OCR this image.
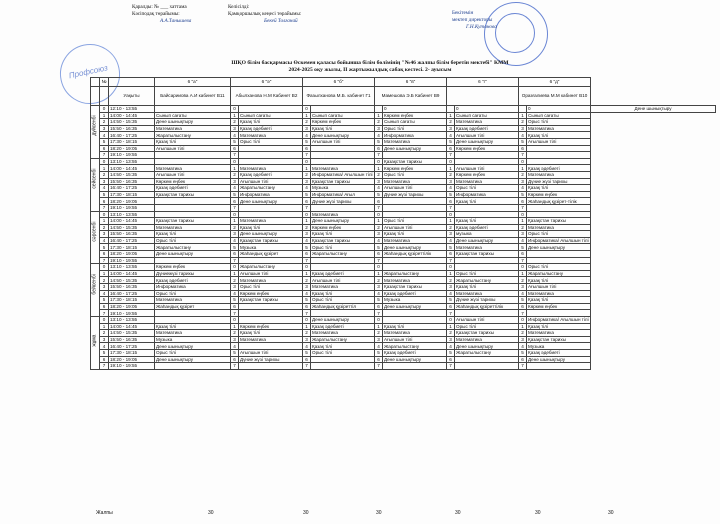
Қаралды: № ___ хаттама
Кәсіподақ төрайымы:
А.А.Танышева
Келісілді:
Қамқоршылық кеңесі төрайымы:
Бекей Толғанай
Бекітемін
мектеп директоры
Г.Н.Кутанова
Профсоюз
ШҚО білім басқармасы Өскемен қаласы бойынша білім бөлімінің "№46 жалпы білім беретін мектебі" КММ
2024-2025 оқу жылы, II жартыжылдық сабақ кестесі. 2- ауысым
	№		6 "а"	6 "ә"		6 "б"		6 "в"		6 "г"		6 "д"		
		Уақыты	Байсарииова А.И кабинет В11	Абылханова Н.М Кабинет В2		Фазылханова М.Б. кабинет Г1		Мамешова Э.Б Кабинет В9				Оразғалиева М.М кабинет В10		

дүйсенбі	0	12:10 - 13:55		0		0			0		0		0	Дене шынықтыру
	1	14:00 - 14:45	Сынып сағаты	1	Сынып сағаты	1	Сынып сағаты	1	Көркем еңбек	1	Сынып сағаты	1	Сынып сағаты	
	2	14:50 - 15:35	Дене шынықтыру	2	Қазақ тілі	2	Көркем еңбек	2	Сынып сағаты	2	Математика	2	Орыс тілі	
	3	15:50 - 16:35	Математика	3	Қазақ әдебиеті	3	Қазақ тілі	3	Орыс тілі	3	Қазақ әдебиеті	3	Математика	
	4	16:40 - 17:25	Жаратылыстану	4	Математика	4	Дене шынықтыру	4	Информатика	4	Ағылшын тілі	4	Қазақ тілі	
	5	17:30 - 18:15	Қазақ тілі	5	Орыс тілі	5	Ағылшын тілі	5	Математика	5	Дене шынықтыру	5	Ағылшын тілі	
	6	18:20 - 19:05	Ағылшын тілі	6		6		6	Дене шынықтыру	6	Көркем еңбек	6		
	7	19:10 - 19:55		7		7		7		7		7		

сейсенбі	0	13:10 - 13:55		0		0		0	Қазақстан тарихы	0		0		
	1	14:00 - 14:45	Математика	1	Математика	1	Математика	1	Көркем еңбек	1	Ағылшын тілі	1	Қазақ әдебиеті	
	2	14:50 - 15:35	Ағылшын тілі	2	Қазақ әдебиеті	2	Информатика/ Ағылшын тілі	2	Орыс тілі	2	Көркем еңбек	2	Математика	
	3	15:50 - 16:35	Көркем еңбек	3	Ағылшын тілі	3	Қазақстан тарихы	3	Математика	3	Математика	3	Дүние жүзі тарихы	
	4	16:40 - 17:25	Қазақ әдебиеті	4	Жаратылыстану	4	Музыка	4	Ағылшын тілі	4	Орыс тілі	4	Қазақ тілі	
	5	17:30 - 18:15	Қазақстан тарихы	5	Информатика	5	Информатика/ Ағыл	5	Дүние жүзі тарихы	5	Информатика	5	Көркем еңбек	
	6	18:20 - 19:05		6	Дене шынықтыру	6	Дүние жүзі тарихы	6		6	Қазақ тілі	6	Жаһандық құзірет-тілік	
	7	19:10 - 19:55		7		7		7		7		7		

сәрсенбі	0	13:10 - 13:55		0		0	Математика	0		0		0		
	1	14:00 - 14:45	Қазақстан тарихы	1	Математика	1	Дене шынықтыру	1	Орыс тілі	1	Қазақ тілі	1	Қазақстан тарихы	
	2	14:50 - 15:35	Математика	2	Қазақ тілі	2	Көркем еңбек	2	Ағылшын тілі	2	Қазақ әдебиеті	2	Математика	
	3	15:50 - 16:35	Қазақ тілі	3	Дене шынықтыру	3	Қазақ тілі	3	Қазақ тілі	3	музыка	3	Орыс тілі	
	4	16:40 - 17:25	Орыс тілі	4	Қазақстан тарихы	4	Қазақстан тарихы	4	Математика	4	Дене шынықтыру	4	Информатика/ Ағылшын тілі	
	5	17:30 - 18:15	Жаратылыстану	5	Музыка	5	Орыс тілі	5	Дене шынықтыру	5	Математика	5	Дене шынықтыру	
	6	18:20 - 19:05	Дене шынықтыру	6	Жаһандық құзірет	6	Жаратылыстану	6	Жаһандық құзіреттілік	6	Қазақстан тарихы	6		
	7	19:10 - 19:55		7		7		7		7		7		

бейсенбі	0	13:10 - 13:55	Көркем еңбек	0	Жаратылыстану	0		0		0		0	Орыс тілі	
	1	14:00 - 14:45	Дүниежүзі тарихы	1	Ағылшын тілі	1	Қазақ әдебиеті	1	Жаратылыстану	1	Орыс тілі	1	Жаратылыстану	
	2	14:50 - 15:35	Қазақ әдебиеті	2	Математика	2	Ағылшын тілі	2	Математика	2	Жаратылыстану	2	Қазақ тілі	
	3	15:50 - 16:35	Информатика	3	Орыс тілі	3	Математика	3	Қазақстан тарихы	3	Қазақ тілі	3	Ағылшын тілі	
	4	16:40 - 17:25	Орыс тілі	4	Көркем еңбек	4	Қазақ тілі	4	Қазақ әдебиеті	4	Математика	4	Математика	
	5	17:30 - 18:15	Математика	5	Қазақстан тарихы	5	Орыс тілі	5	Музыка	5	Дүние жүзі тарихы	5	Қазақ тілі	
	6	18:20 - 19:05	Жаһандық құзірет	6		6	Жаһандық құзіреттіл	6	Дене шынықтыру	6	Жаһандық құзіреттілік	6	Көркем еңбек	
	7	19:10 - 19:55		7		7		7		7		7		

жұма	0	13:10 - 13:55		0		0	Дене шынықтыру	0		0	Ағылшын тілі	0	Информатика/ Ағылшын тілі	
	1	14:00 - 14:45	Қазақ тілі	1	Көркем еңбек	1	Қазақ әдебиеті	1	Қазақ тілі	1	Орыс тілі	1	Қазақ тілі	
	2	14:50 - 15:35	Математика	2	Қазақ тілі	2	Математика	2	Математика	2	Қазақстан тарихы	2	Математика	
	3	15:50 - 16:35	Музыка	3	Математика	3	Жаратылыстану	3	Ағылшын тілі	3	Математика	3	Қазақстан тарихы	
	4	16:40 - 17:25	Дене шынықтыру	4		4	Қазақ тілі	4	Жаратылыстану	4	Дене шынықтыру	4	Музыка	
	5	17:30 - 18:15	Орыс тілі	5	Ағылшын тілі	5	Орыс тілі	5	Қазақ әдебиеті	5	Жаратылыстану	5	Қазақ әдебиеті	
	6	18:20 - 19:05	Дене шынықтыру	6	Дүние жүзі тарихы	6		6	Дене шынықтыру	6		6	Дене шынықтыру	
	7	19:10 - 19:55		7		7		7		7		7		
Жалпы	30	30	30	30	30	30
